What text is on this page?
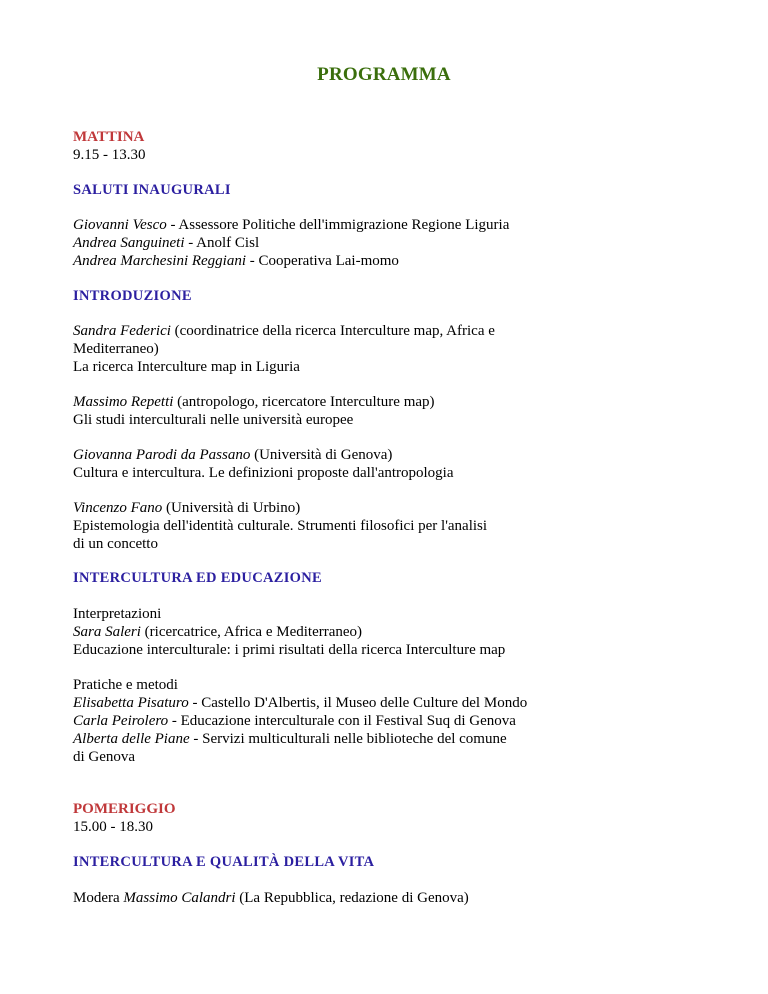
PROGRAMMA
MATTINA
9.15 - 13.30
SALUTI INAUGURALI
Giovanni Vesco - Assessore Politiche dell'immigrazione Regione Liguria
Andrea Sanguineti - Anolf Cisl
Andrea Marchesini Reggiani - Cooperativa Lai-momo
INTRODUZIONE
Sandra Federici (coordinatrice della ricerca Interculture map, Africa e
Mediterraneo)
La ricerca Interculture map in Liguria
Massimo Repetti (antropologo, ricercatore Interculture map)
Gli studi interculturali nelle università europee
Giovanna Parodi da Passano (Università di Genova)
Cultura e intercultura. Le definizioni proposte dall'antropologia
Vincenzo Fano (Università di Urbino)
Epistemologia dell'identità culturale. Strumenti filosofici per l'analisi
di un concetto
INTERCULTURA ED EDUCAZIONE
Interpretazioni
Sara Saleri (ricercatrice, Africa e Mediterraneo)
Educazione interculturale: i primi risultati della ricerca Interculture map
Pratiche e metodi
Elisabetta Pisaturo - Castello D'Albertis, il Museo delle Culture del Mondo
Carla Peirolero - Educazione interculturale con il Festival Suq di Genova
Alberta delle Piane - Servizi multiculturali nelle biblioteche del comune
di Genova
POMERIGGIO
15.00 - 18.30
INTERCULTURA E QUALITÀ DELLA VITA
Modera Massimo Calandri (La Repubblica, redazione di Genova)
